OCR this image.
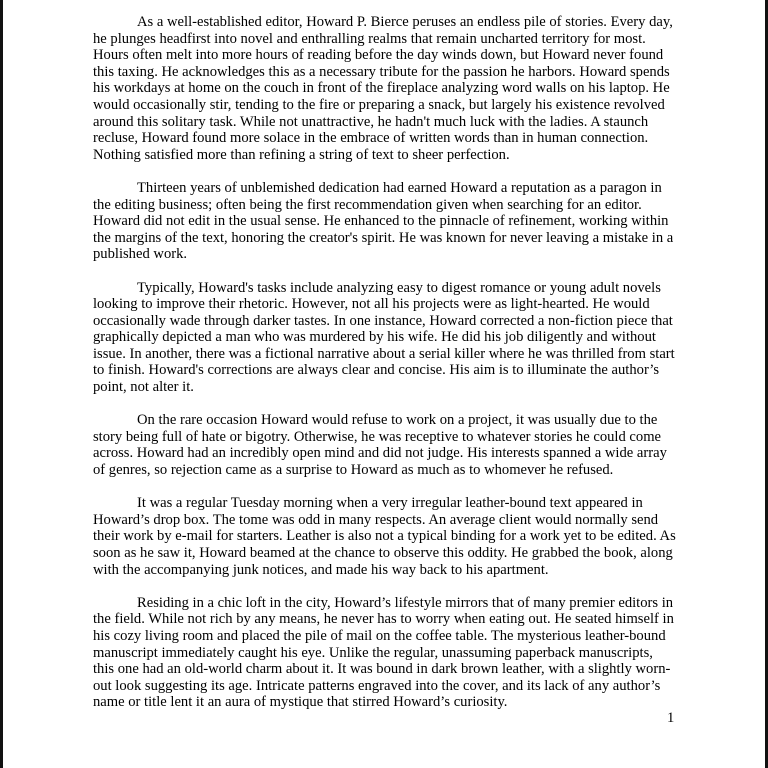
As a well-established editor, Howard P. Bierce peruses an endless pile of stories. Every day, he plunges headfirst into novel and enthralling realms that remain uncharted territory for most. Hours often melt into more hours of reading before the day winds down, but Howard never found this taxing. He acknowledges this as a necessary tribute for the passion he harbors. Howard spends his workdays at home on the couch in front of the fireplace analyzing word walls on his laptop. He would occasionally stir, tending to the fire or preparing a snack, but largely his existence revolved around this solitary task. While not unattractive, he hadn't much luck with the ladies. A staunch recluse, Howard found more solace in the embrace of written words than in human connection. Nothing satisfied more than refining a string of text to sheer perfection.

Thirteen years of unblemished dedication had earned Howard a reputation as a paragon in the editing business; often being the first recommendation given when searching for an editor. Howard did not edit in the usual sense. He enhanced to the pinnacle of refinement, working within the margins of the text, honoring the creator's spirit. He was known for never leaving a mistake in a published work.

Typically, Howard's tasks include analyzing easy to digest romance or young adult novels looking to improve their rhetoric. However, not all his projects were as light-hearted. He would occasionally wade through darker tastes. In one instance, Howard corrected a non-fiction piece that graphically depicted a man who was murdered by his wife. He did his job diligently and without issue. In another, there was a fictional narrative about a serial killer where he was thrilled from start to finish. Howard's corrections are always clear and concise. His aim is to illuminate the author’s point, not alter it.

On the rare occasion Howard would refuse to work on a project, it was usually due to the story being full of hate or bigotry. Otherwise, he was receptive to whatever stories he could come across. Howard had an incredibly open mind and did not judge. His interests spanned a wide array of genres, so rejection came as a surprise to Howard as much as to whomever he refused.

It was a regular Tuesday morning when a very irregular leather-bound text appeared in Howard’s drop box. The tome was odd in many respects. An average client would normally send their work by e-mail for starters. Leather is also not a typical binding for a work yet to be edited. As soon as he saw it, Howard beamed at the chance to observe this oddity. He grabbed the book, along with the accompanying junk notices, and made his way back to his apartment.

Residing in a chic loft in the city, Howard’s lifestyle mirrors that of many premier editors in the field. While not rich by any means, he never has to worry when eating out. He seated himself in his cozy living room and placed the pile of mail on the coffee table. The mysterious leather-bound manuscript immediately caught his eye. Unlike the regular, unassuming paperback manuscripts, this one had an old-world charm about it. It was bound in dark brown leather, with a slightly worn-out look suggesting its age. Intricate patterns engraved into the cover, and its lack of any author’s name or title lent it an aura of mystique that stirred Howard’s curiosity.

1
